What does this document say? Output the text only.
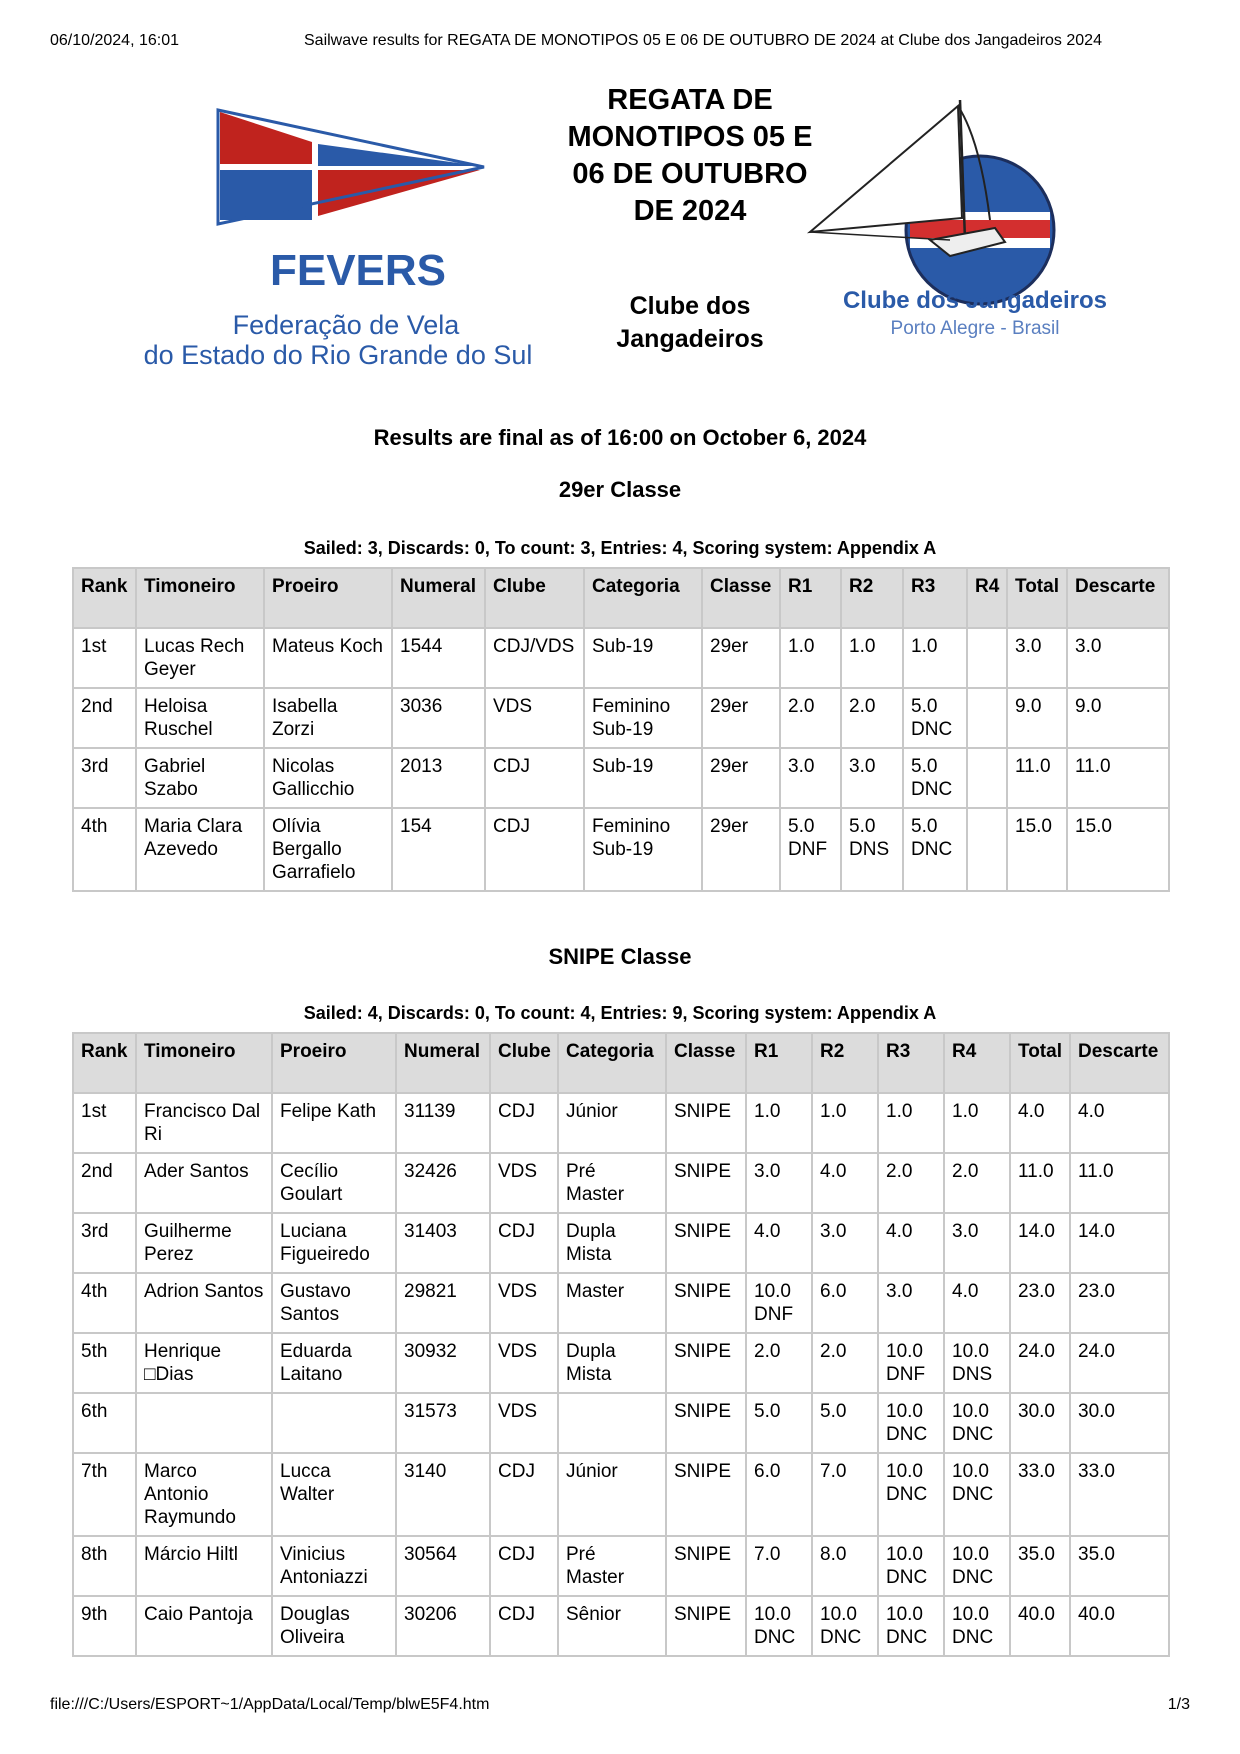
06/10/2024, 16:01	Sailwave results for REGATA DE MONOTIPOS 05 E 06 DE OUTUBRO DE 2024 at Clube dos Jangadeiros 2024
FEVERS
Federação de Vela
do Estado do Rio Grande do Sul
REGATA DE MONOTIPOS 05 E 06 DE OUTUBRO DE 2024
Clube dos Jangadeiros
Clube dos Jangadeiros
Porto Alegre - Brasil
Results are final as of 16:00 on October 6, 2024
29er Classe
Sailed: 3, Discards: 0, To count: 3, Entries: 4, Scoring system: Appendix A
Rank	Timoneiro	Proeiro	Numeral	Clube	Categoria	Classe	R1	R2	R3	R4	Total	Descarte
1st	Lucas Rech Geyer	Mateus Koch	1544	CDJ/VDS	Sub-19	29er	1.0	1.0	1.0		3.0	3.0
2nd	Heloisa Ruschel	Isabella Zorzi	3036	VDS	Feminino Sub-19	29er	2.0	2.0	5.0 DNC		9.0	9.0
3rd	Gabriel Szabo	Nicolas Gallicchio	2013	CDJ	Sub-19	29er	3.0	3.0	5.0 DNC		11.0	11.0
4th	Maria Clara Azevedo	Olívia Bergallo Garrafielo	154	CDJ	Feminino Sub-19	29er	5.0 DNF	5.0 DNS	5.0 DNC		15.0	15.0
SNIPE Classe
Sailed: 4, Discards: 0, To count: 4, Entries: 9, Scoring system: Appendix A
Rank	Timoneiro	Proeiro	Numeral	Clube	Categoria	Classe	R1	R2	R3	R4	Total	Descarte
1st	Francisco Dal Ri	Felipe Kath	31139	CDJ	Júnior	SNIPE	1.0	1.0	1.0	1.0	4.0	4.0
2nd	Ader Santos	Cecílio Goulart	32426	VDS	Pré Master	SNIPE	3.0	4.0	2.0	2.0	11.0	11.0
3rd	Guilherme Perez	Luciana Figueiredo	31403	CDJ	Dupla Mista	SNIPE	4.0	3.0	4.0	3.0	14.0	14.0
4th	Adrion Santos	Gustavo Santos	29821	VDS	Master	SNIPE	10.0 DNF	6.0	3.0	4.0	23.0	23.0
5th	Henrique □Dias	Eduarda Laitano	30932	VDS	Dupla Mista	SNIPE	2.0	2.0	10.0 DNF	10.0 DNS	24.0	24.0
6th			31573	VDS		SNIPE	5.0	5.0	10.0 DNC	10.0 DNC	30.0	30.0
7th	Marco Antonio Raymundo	Lucca Walter	3140	CDJ	Júnior	SNIPE	6.0	7.0	10.0 DNC	10.0 DNC	33.0	33.0
8th	Márcio Hiltl	Vinicius Antoniazzi	30564	CDJ	Pré Master	SNIPE	7.0	8.0	10.0 DNC	10.0 DNC	35.0	35.0
9th	Caio Pantoja	Douglas Oliveira	30206	CDJ	Sênior	SNIPE	10.0 DNC	10.0 DNC	10.0 DNC	10.0 DNC	40.0	40.0
file:///C:/Users/ESPORT~1/AppData/Local/Temp/blwE5F4.htm	1/3
